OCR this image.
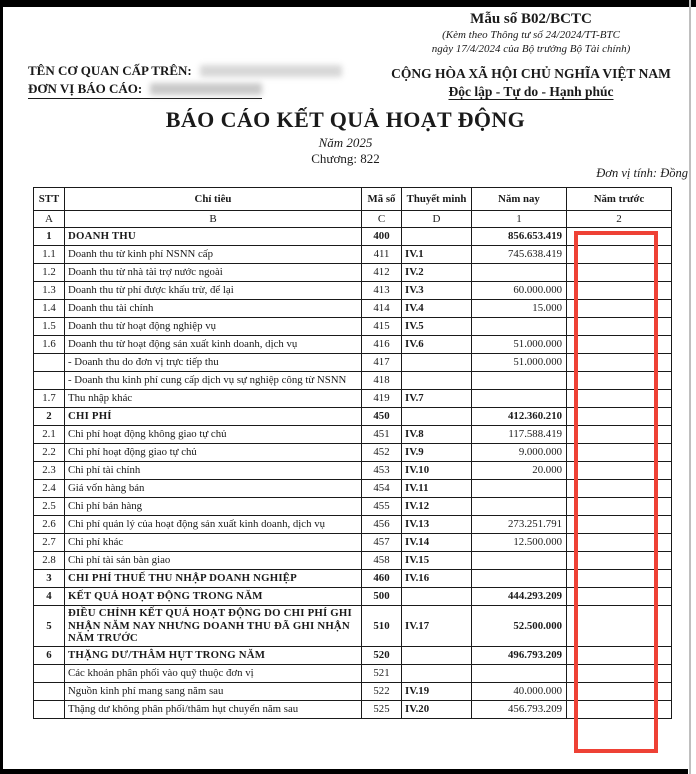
Mẫu số B02/BCTC
(Kèm theo Thông tư số 24/2024/TT-BTC
ngày 17/4/2024 của Bộ trưởng Bộ Tài chính)
TÊN CƠ QUAN CẤP TRÊN:
ĐƠN VỊ BÁO CÁO:
CỘNG HÒA XÃ HỘI CHỦ NGHĨA VIỆT NAM
Độc lập - Tự do - Hạnh phúc
BÁO CÁO KẾT QUẢ HOẠT ĐỘNG
Năm 2025
Chương: 822
Đơn vị tính: Đồng
STT	Chỉ tiêu	Mã số	Thuyết minh	Năm nay	Năm trước
A	B	C	D	1	2
1	DOANH THU	400		856.653.419	
1.1	Doanh thu từ kinh phí NSNN cấp	411	IV.1	745.638.419	
1.2	Doanh thu từ nhà tài trợ nước ngoài	412	IV.2		
1.3	Doanh thu từ phí được khấu trừ, để lại	413	IV.3	60.000.000	
1.4	Doanh thu tài chính	414	IV.4	15.000	
1.5	Doanh thu từ hoạt động nghiệp vụ	415	IV.5		
1.6	Doanh thu từ hoạt động sản xuất kinh doanh, dịch vụ	416	IV.6	51.000.000	
	- Doanh thu do đơn vị trực tiếp thu	417		51.000.000	
	- Doanh thu kinh phí cung cấp dịch vụ sự nghiệp công từ NSNN	418			
1.7	Thu nhập khác	419	IV.7		
2	CHI PHÍ	450		412.360.210	
2.1	Chi phí hoạt động không giao tự chủ	451	IV.8	117.588.419	
2.2	Chi phí hoạt động giao tự chủ	452	IV.9	9.000.000	
2.3	Chi phí tài chính	453	IV.10	20.000	
2.4	Giá vốn hàng bán	454	IV.11		
2.5	Chi phí bán hàng	455	IV.12		
2.6	Chi phí quản lý của hoạt động sản xuất kinh doanh, dịch vụ	456	IV.13	273.251.791	
2.7	Chi phí khác	457	IV.14	12.500.000	
2.8	Chi phí tài sản bàn giao	458	IV.15		
3	CHI PHÍ THUẾ THU NHẬP DOANH NGHIỆP	460	IV.16		
4	KẾT QUẢ HOẠT ĐỘNG TRONG NĂM	500		444.293.209	
5	ĐIỀU CHỈNH KẾT QUẢ HOẠT ĐỘNG DO CHI PHÍ GHI NHẬN NĂM NAY NHƯNG DOANH THU ĐÃ GHI NHẬN NĂM TRƯỚC	510	IV.17	52.500.000	
6	THẶNG DƯ/THÂM HỤT TRONG NĂM	520		496.793.209	
	Các khoản phân phối vào quỹ thuộc đơn vị	521			
	Nguồn kinh phí mang sang năm sau	522	IV.19	40.000.000	
	Thặng dư không phân phối/thâm hụt chuyển năm sau	525	IV.20	456.793.209	
